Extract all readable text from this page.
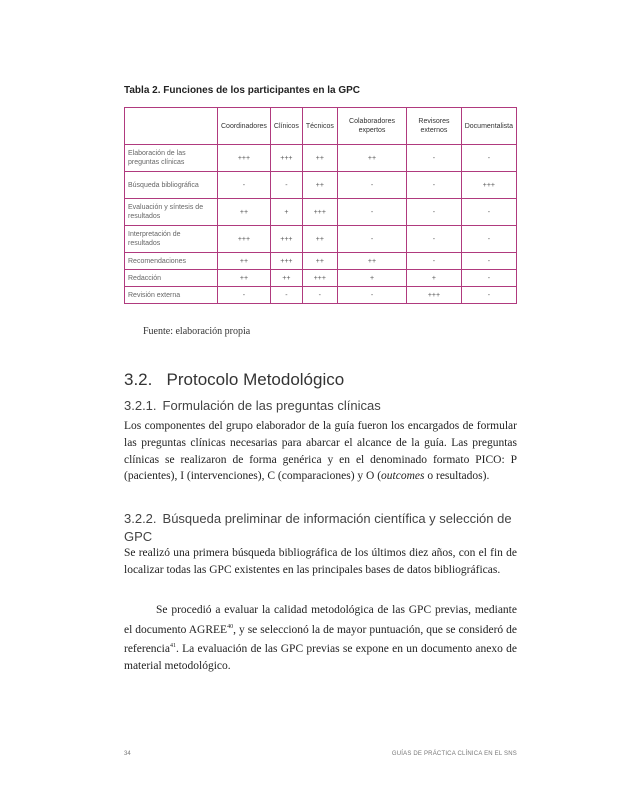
Tabla 2. Funciones de los participantes en la GPC
	Coordinadores	Clínicos	Técnicos	Colaboradores expertos	Revisores externos	Documentalista
Elaboración de las preguntas clínicas	+++	+++	++	++	-	-
Búsqueda bibliográfica	-	-	++	-	-	+++
Evaluación y síntesis de resultados	++	+	+++	-	-	-
Interpretación de resultados	+++	+++	++	-	-	-
Recomendaciones	++	+++	++	++	-	-
Redacción	++	++	+++	+	+	-
Revisión externa	-	-	-	-	+++	-
Fuente: elaboración propia
3.2. Protocolo Metodológico
3.2.1. Formulación de las preguntas clínicas

Los componentes del grupo elaborador de la guía fueron los encargados de formular las preguntas clínicas necesarias para abarcar el alcance de la guía. Las preguntas clínicas se realizaron de forma genérica y en el denominado formato PICO: P (pacientes), I (intervenciones), C (comparaciones) y O (outcomes o resultados).

3.2.2. Búsqueda preliminar de información científica y selección de GPC

Se realizó una primera búsqueda bibliográfica de los últimos diez años, con el fin de localizar todas las GPC existentes en las principales bases de datos bibliográficas.

Se procedió a evaluar la calidad metodológica de las GPC previas, mediante el documento AGREE$^{40}$, y se seleccionó la de mayor puntuación, que se consideró de referencia$^{41}$. La evaluación de las GPC previas se expone en un documento anexo de material metodológico.

34	GUÍAS DE PRÁCTICA CLÍNICA EN EL SNS
